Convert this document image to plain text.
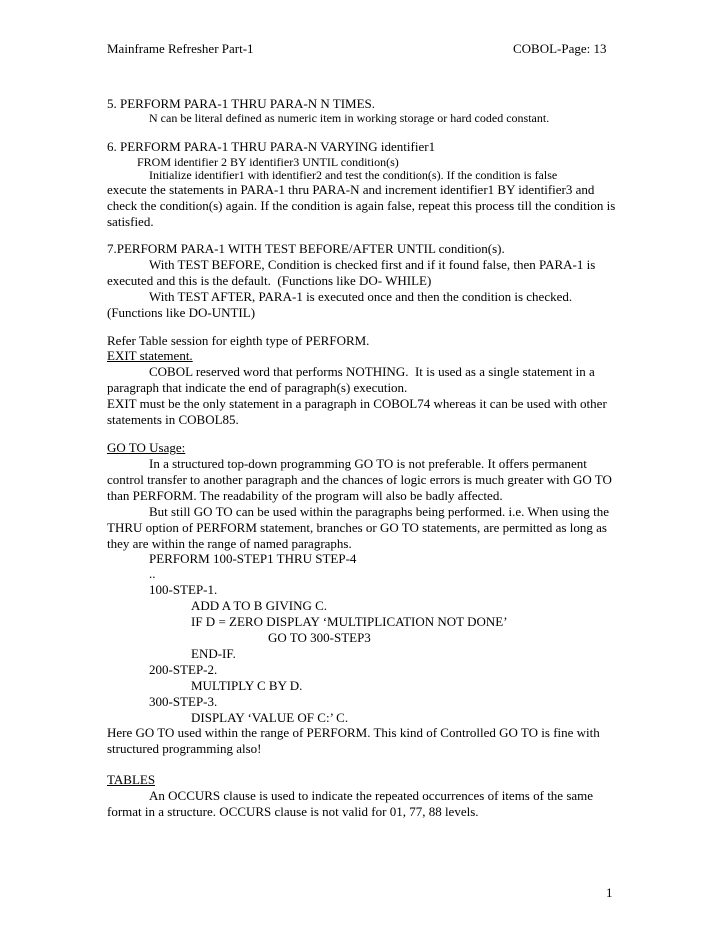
Mainframe Refresher Part-1	COBOL-Page: 13
5. PERFORM PARA-1 THRU PARA-N N TIMES.
N can be literal defined as numeric item in working storage or hard coded constant.
6. PERFORM PARA-1 THRU PARA-N VARYING identifier1
FROM identifier 2 BY identifier3 UNTIL condition(s)
Initialize identifier1 with identifier2 and test the condition(s). If the condition is false
execute the statements in PARA-1 thru PARA-N and increment identifier1 BY identifier3 and
check the condition(s) again. If the condition is again false, repeat this process till the condition is
satisfied.
7.PERFORM PARA-1 WITH TEST BEFORE/AFTER UNTIL condition(s).
With TEST BEFORE, Condition is checked first and if it found false, then PARA-1 is
executed and this is the default.  (Functions like DO- WHILE)
With TEST AFTER, PARA-1 is executed once and then the condition is checked.
(Functions like DO-UNTIL)
Refer Table session for eighth type of PERFORM.
EXIT statement.
COBOL reserved word that performs NOTHING.  It is used as a single statement in a
paragraph that indicate the end of paragraph(s) execution.
EXIT must be the only statement in a paragraph in COBOL74 whereas it can be used with other
statements in COBOL85.
GO TO Usage:
In a structured top-down programming GO TO is not preferable. It offers permanent
control transfer to another paragraph and the chances of logic errors is much greater with GO TO
than PERFORM. The readability of the program will also be badly affected.
But still GO TO can be used within the paragraphs being performed. i.e. When using the
THRU option of PERFORM statement, branches or GO TO statements, are permitted as long as
they are within the range of named paragraphs.
PERFORM 100-STEP1 THRU STEP-4
..
100-STEP-1.
ADD A TO B GIVING C.
IF D = ZERO DISPLAY ‘MULTIPLICATION NOT DONE’
GO TO 300-STEP3
END-IF.
200-STEP-2.
MULTIPLY C BY D.
300-STEP-3.
DISPLAY ‘VALUE OF C:’ C.
Here GO TO used within the range of PERFORM. This kind of Controlled GO TO is fine with
structured programming also!
TABLES
An OCCURS clause is used to indicate the repeated occurrences of items of the same
format in a structure. OCCURS clause is not valid for 01, 77, 88 levels.
1
